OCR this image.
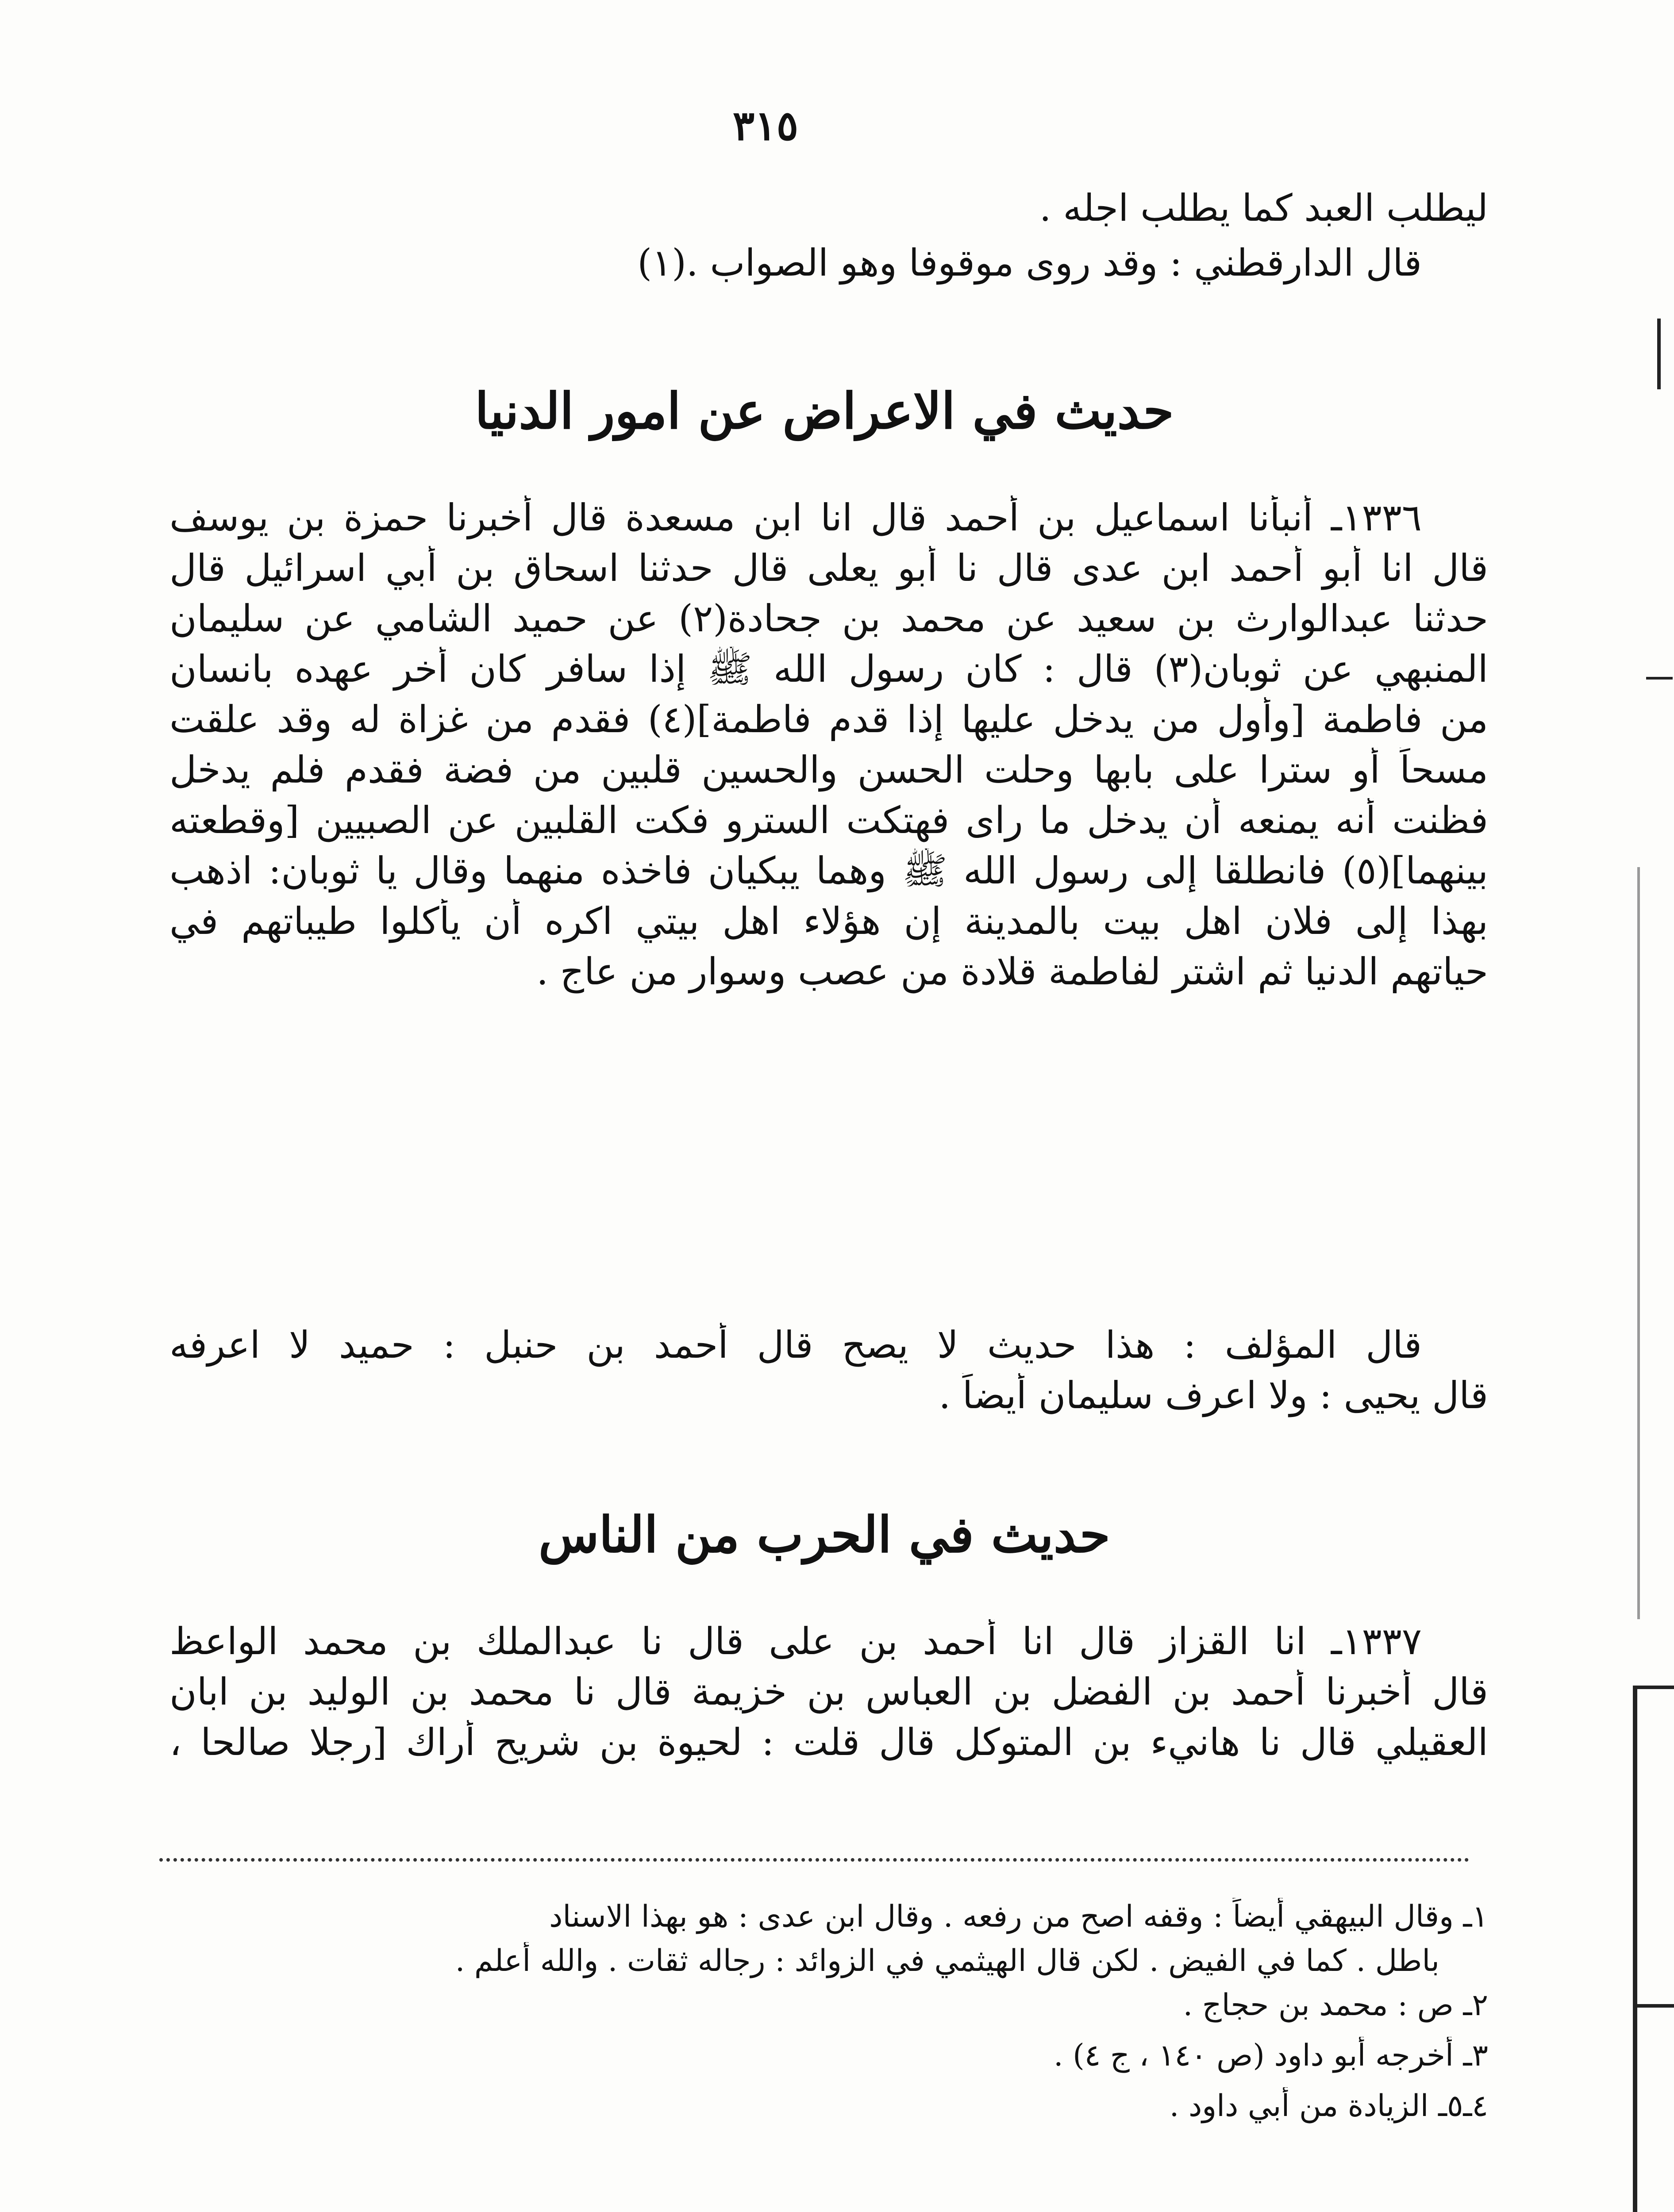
٣١٥
ليطلب العبد كما يطلب اجله .
قال الدارقطني : وقد روى موقوفا وهو الصواب .(١)
حديث في الاعراض عن امور الدنيا
١٣٣٦ـ أنبأنا اسماعيل بن أحمد قال انا ابن مسعدة قال أخبرنا حمزة بن يوسف
قال انا أبو أحمد ابن عدى قال نا أبو يعلى قال حدثنا اسحاق بن أبي اسرائيل قال
حدثنا عبدالوارث بن سعيد عن محمد بن جحادة(٢) عن حميد الشامي عن سليمان
المنبهي عن ثوبان(٣) قال : كان رسول الله ﷺ إذا سافر كان أخر عهده بانسان
من فاطمة [وأول من يدخل عليها إذا قدم فاطمة](٤) فقدم من غزاة له وقد علقت
مسحاً أو سترا على بابها وحلت الحسن والحسين قلبين من فضة فقدم فلم يدخل
فظنت أنه يمنعه أن يدخل ما راى فهتكت السترو فكت القلبين عن الصبيين [وقطعته
بينهما](٥) فانطلقا إلى رسول الله ﷺ وهما يبكيان فاخذه منهما وقال يا ثوبان: اذهب
بهذا إلى فلان اهل بيت بالمدينة إن هؤلاء اهل بيتي اكره أن يأكلوا طيباتهم في
حياتهم الدنيا ثم اشتر لفاطمة قلادة من عصب وسوار من عاج .
قال المؤلف : هذا حديث لا يصح قال أحمد بن حنبل : حميد لا اعرفه
قال يحيى : ولا اعرف سليمان أيضاً .
حديث في الحرب من الناس
١٣٣٧ـ انا القزاز قال انا أحمد بن على قال نا عبدالملك بن محمد الواعظ
قال أخبرنا أحمد بن الفضل بن العباس بن خزيمة قال نا محمد بن الوليد بن ابان
العقيلي قال نا هانيء بن المتوكل قال قلت : لحيوة بن شريح أراك [رجلا صالحا ،
١ـ وقال البيهقي أيضاً : وقفه اصح من رفعه . وقال ابن عدى : هو بهذا الاسناد
باطل . كما في الفيض . لكن قال الهيثمي في الزوائد : رجاله ثقات . والله أعلم .
٢ـ ص : محمد بن حجاج .
٣ـ أخرجه أبو داود (ص ١٤٠ ، ج ٤) .
٤ـ٥ـ الزيادة من أبي داود .
